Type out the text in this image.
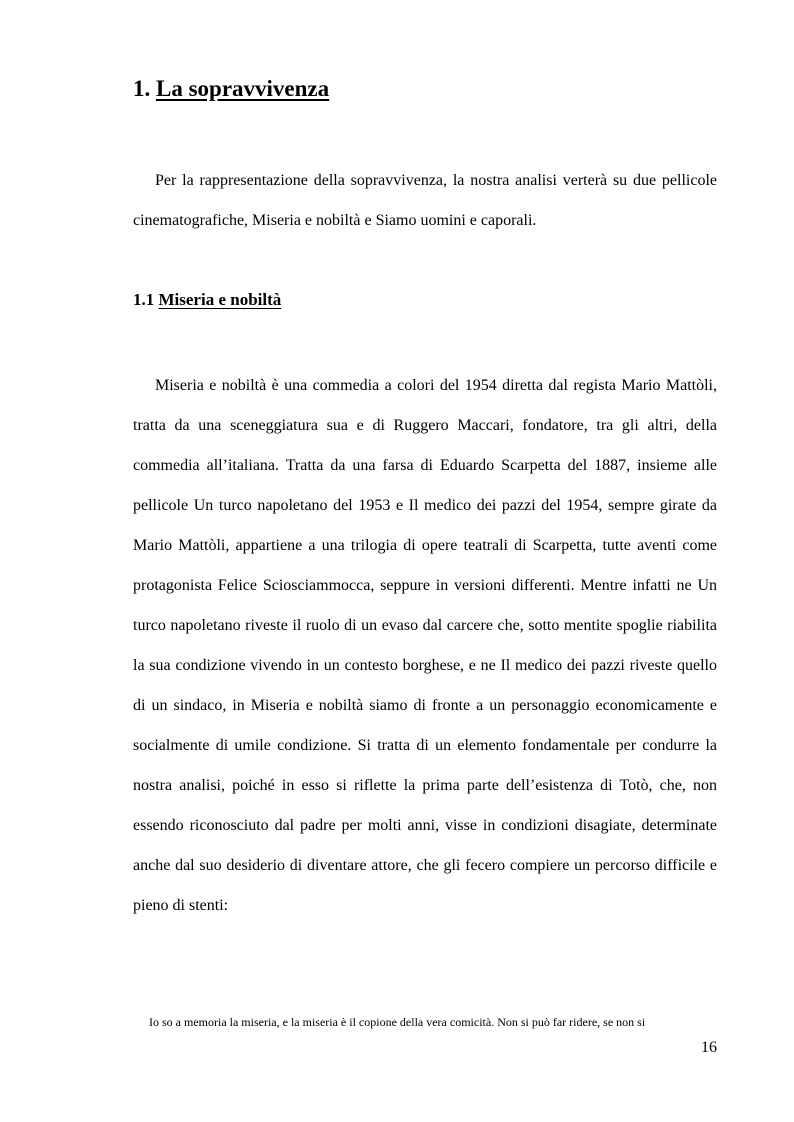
1. La sopravvivenza

Per la rappresentazione della sopravvivenza, la nostra analisi verterà su due pellicole cinematografiche, Miseria e nobiltà e Siamo uomini e caporali.

1.1 Miseria e nobiltà

Miseria e nobiltà è una commedia a colori del 1954 diretta dal regista Mario Mattòli, tratta da una sceneggiatura sua e di Ruggero Maccari, fondatore, tra gli altri, della commedia all’italiana. Tratta da una farsa di Eduardo Scarpetta del 1887, insieme alle pellicole Un turco napoletano del 1953 e Il medico dei pazzi del 1954, sempre girate da Mario Mattòli, appartiene a una trilogia di opere teatrali di Scarpetta, tutte aventi come protagonista Felice Sciosciammocca, seppure in versioni differenti. Mentre infatti ne Un turco napoletano riveste il ruolo di un evaso dal carcere che, sotto mentite spoglie riabilita la sua condizione vivendo in un contesto borghese, e ne Il medico dei pazzi riveste quello di un sindaco, in Miseria e nobiltà siamo di fronte a un personaggio economicamente e socialmente di umile condizione. Si tratta di un elemento fondamentale per condurre la nostra analisi, poiché in esso si riflette la prima parte dell’esistenza di Totò, che, non essendo riconosciuto dal padre per molti anni, visse in condizioni disagiate, determinate anche dal suo desiderio di diventare attore, che gli fecero compiere un percorso difficile e pieno di stenti:

Io so a memoria la miseria, e la miseria è il copione della vera comicità. Non si può far ridere, se non si
16
